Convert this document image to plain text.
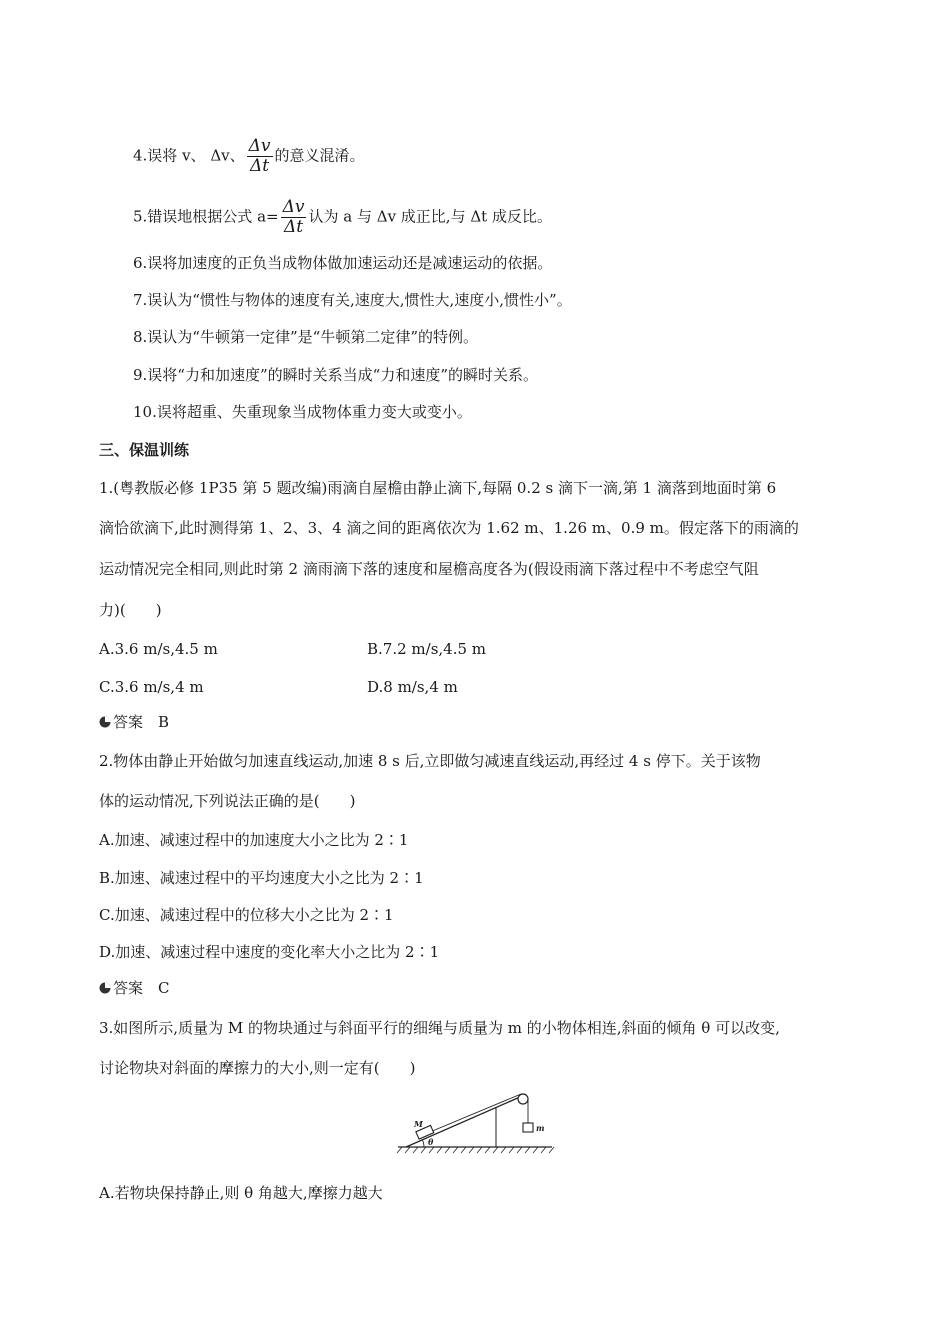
4.误将 v、 Δv、 $\frac{\Delta v}{\Delta t}$ 的意义混淆。
5.错误地根据公式 $a= \frac{\Delta v}{\Delta t}$ 认为 a 与 Δv 成正比,与 Δt 成反比。
6.误将加速度的正负当成物体做加速运动还是减速运动的依据。
7.误认为“惯性与物体的速度有关,速度大,惯性大,速度小,惯性小”。
8.误认为“牛顿第一定律”是“牛顿第二定律”的特例。
9.误将“力和加速度”的瞬时关系当成“力和速度”的瞬时关系。
10.误将超重、失重现象当成物体重力变大或变小。
三、保温训练
1.(粤教版必修 1P35 第 5 题改编)雨滴自屋檐由静止滴下,每隔 0.2 s 滴下一滴,第 1 滴落到地面时第 6
滴恰欲滴下,此时测得第 1、2、3、4 滴之间的距离依次为 1.62 m、1.26 m、0.9 m。假定落下的雨滴的
运动情况完全相同,则此时第 2 滴雨滴下落的速度和屋檐高度各为(假设雨滴下落过程中不考虑空气阻
力)(　　)
A.3.6 m/s,4.5 m	B.7.2 m/s,4.5 m
C.3.6 m/s,4 m	D.8 m/s,4 m
答案　B
2.物体由静止开始做匀加速直线运动,加速 8 s 后,立即做匀减速直线运动,再经过 4 s 停下。关于该物
体的运动情况,下列说法正确的是(　　)
A.加速、减速过程中的加速度大小之比为 2∶1
B.加速、减速过程中的平均速度大小之比为 2∶1
C.加速、减速过程中的位移大小之比为 2∶1
D.加速、减速过程中速度的变化率大小之比为 2∶1
答案　C
3.如图所示,质量为 M 的物块通过与斜面平行的细绳与质量为 m 的小物体相连,斜面的倾角 θ 可以改变,
讨论物块对斜面的摩擦力的大小,则一定有(　　)
M	m
θ
A.若物块保持静止,则 θ 角越大,摩擦力越大
